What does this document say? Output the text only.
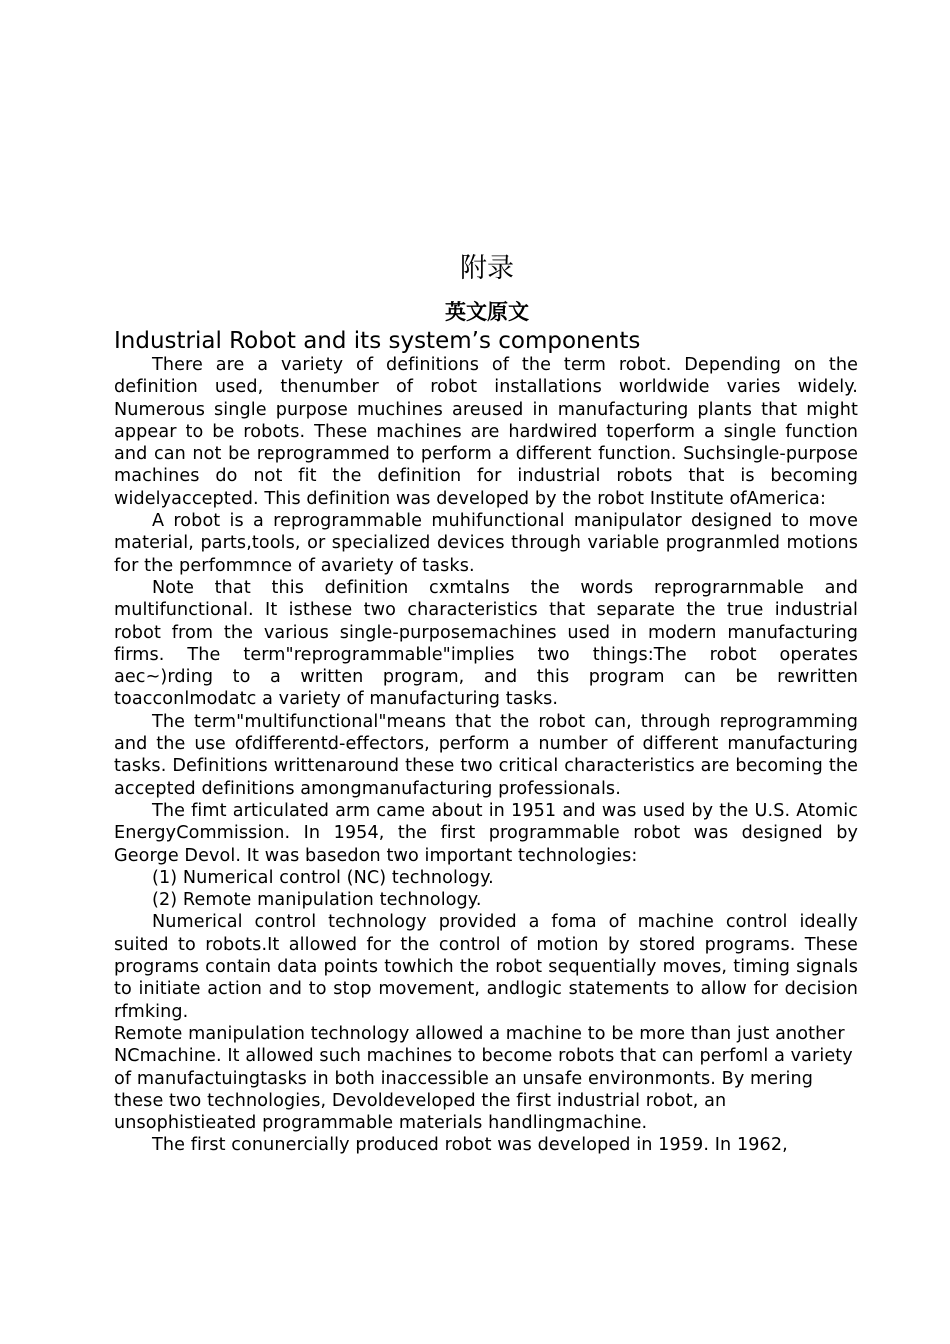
附录
英文原文
Industrial Robot and its system’s components

There are a variety of definitions of the term robot. Depending on the definition used, thenumber of robot installations worldwide varies widely. Numerous single purpose muchines areused in manufacturing plants that might appear to be robots. These machines are hardwired toperform a single function and can not be reprogrammed to perform a different function. Suchsingle-purpose machines do not fit the definition for industrial robots that is becoming widelyaccepted. This definition was developed by the robot Institute ofAmerica:

A robot is a reprogrammable muhifunctional manipulator designed to move material, parts,tools, or specialized devices through variable progranmled motions for the perfommnce of avariety of tasks.

Note that this definition cxmtalns the words reprograrnmable and multifunctional. It isthese two characteristics that separate the true industrial robot from the various single-purposemachines used in modern manufacturing firms. The term"reprogrammable"implies two things:The robot operates aec~)rding to a written program, and this program can be rewritten toacconlmodatc a variety of manufacturing tasks.

The term"multifunctional"means that the robot can, through reprogramming and the use ofdifferentd-effectors, perform a number of different manufacturing tasks. Definitions writtenaround these two critical characteristics are becoming the accepted definitions amongmanufacturing professionals.

The fimt articulated arm came about in 1951 and was used by the U.S. Atomic EnergyCommission. In 1954, the first programmable robot was designed by George Devol. It was basedon two important technologies:

(1) Numerical control (NC) technology.

(2) Remote manipulation technology.

Numerical control technology provided a foma of machine control ideally suited to robots.It allowed for the control of motion by stored programs. These programs contain data points towhich the robot sequentially moves, timing signals to initiate action and to stop movement, andlogic statements to allow for decision rfmking.

Remote manipulation technology allowed a machine to be more than just another NCmachine. It allowed such machines to become robots that can perfoml a variety of manufactuingtasks in both inaccessible an unsafe environmonts. By mering these two technologies, Devoldeveloped the first industrial robot, an unsophistieated programmable materials handlingmachine.

The first conunercially produced robot was developed in 1959. In 1962,
